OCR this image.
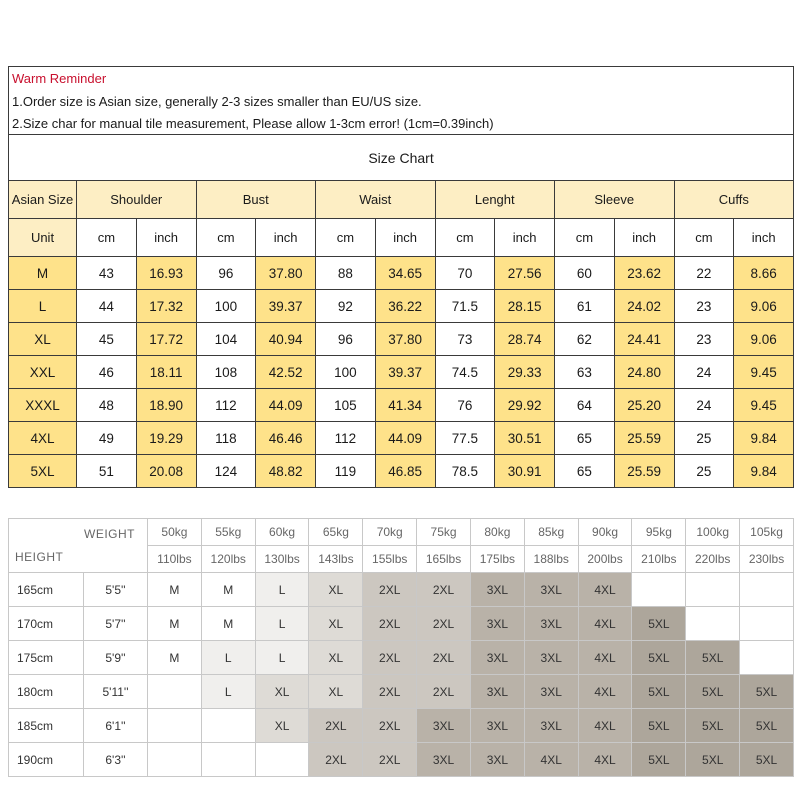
Warm Reminder												
1.Order size is Asian size, generally 2-3 sizes smaller than EU/US size.												
2.Size char for manual tile measurement, Please allow 1-3cm error! (1cm=0.39inch)												
Size Chart												
Asian Size	Shoulder		Bust		Waist		Lenght		Sleeve		Cuffs	
Unit	cm	inch	cm	inch	cm	inch	cm	inch	cm	inch	cm	inch
M	43	16.93	96	37.80	88	34.65	70	27.56	60	23.62	22	8.66
L	44	17.32	100	39.37	92	36.22	71.5	28.15	61	24.02	23	9.06
XL	45	17.72	104	40.94	96	37.80	73	28.74	62	24.41	23	9.06
XXL	46	18.11	108	42.52	100	39.37	74.5	29.33	63	24.80	24	9.45
XXXL	48	18.90	112	44.09	105	41.34	76	29.92	64	25.20	24	9.45
4XL	49	19.29	118	46.46	112	44.09	77.5	30.51	65	25.59	25	9.84
5XL	51	20.08	124	48.82	119	46.85	78.5	30.91	65	25.59	25	9.84
WEIGHT
HEIGHT		50kg	55kg	60kg	65kg	70kg	75kg	80kg	85kg	90kg	95kg	100kg	105kg
		110lbs	120lbs	130lbs	143lbs	155lbs	165lbs	175lbs	188lbs	200lbs	210lbs	220lbs	230lbs
165cm	5'5''	M	M	L	XL	2XL	2XL	3XL	3XL	4XL			
170cm	5'7''	M	M	L	XL	2XL	2XL	3XL	3XL	4XL	5XL		
175cm	5'9''	M	L	L	XL	2XL	2XL	3XL	3XL	4XL	5XL	5XL	
180cm	5'11''		L	XL	XL	2XL	2XL	3XL	3XL	4XL	5XL	5XL	5XL
185cm	6'1''			XL	2XL	2XL	3XL	3XL	3XL	4XL	5XL	5XL	5XL
190cm	6'3''				2XL	2XL	3XL	3XL	4XL	4XL	5XL	5XL	5XL
